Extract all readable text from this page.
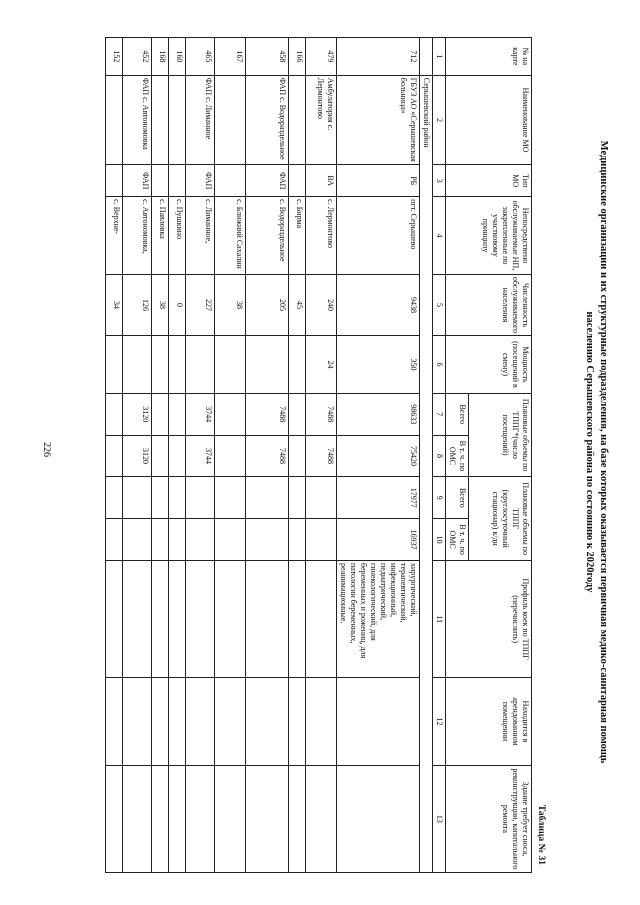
226	Медицинские организации и их структурные подразделения, на базе которых оказывается первичная медико-санитарная помощь
населению Серышевского района по состоянию к 2020году
Таблица № 31
№ на карте	Наименование МО	Тип МО	Непосредствено обслуживаемые НП, закрепленные по участковому принципу	Численность обслуживаемого населения	Мощность (посещений в смену)	Плановые объемы по ТППГ*(число посещений)		Плановые объемы по ТППГ (круглосуточный стационар) к/дн		Профиль коек по ТППГ (перечислить)	Находится в арендованном помещении	Здание требует сноса, реконструкции, капитального ремонта
						Всего	В т. ч. по ОМС	Всего	В т. ч. по ОМС			
1	2	3	4	5	6	7	8	9	10	11	12	13
	Серышевский район											
712	ГБУЗ АО «Серышевская больница»	РБ	пгт. Серышево	9438	350	98633	75420	17977	16937	хирургический, терапевтический, инфекционный, педиатрический, гинекологический, для беременных и рожениц, для патологии беременных, реанимационные.		
479	Амбулатория с. Лермонтово	ВА	с. Лермонтово	240	24	7488	7488					
166			с. Бирма	45								
458	ФАП с. Водораздельное	ФАП	с. Водораздельное	205		7488	7488					
167			с. Ближний Сахалин	38								
465	ФАП с. Лиманное	ФАП	с. Лиманное,	227		3744	3744					
160			с. Пушкино	0								
168			с. Павловка	38								
452	ФАП с. Автономовка	ФАП	с. Автономовка,	126		3120	3120					
152			с. Верхне-	34								
